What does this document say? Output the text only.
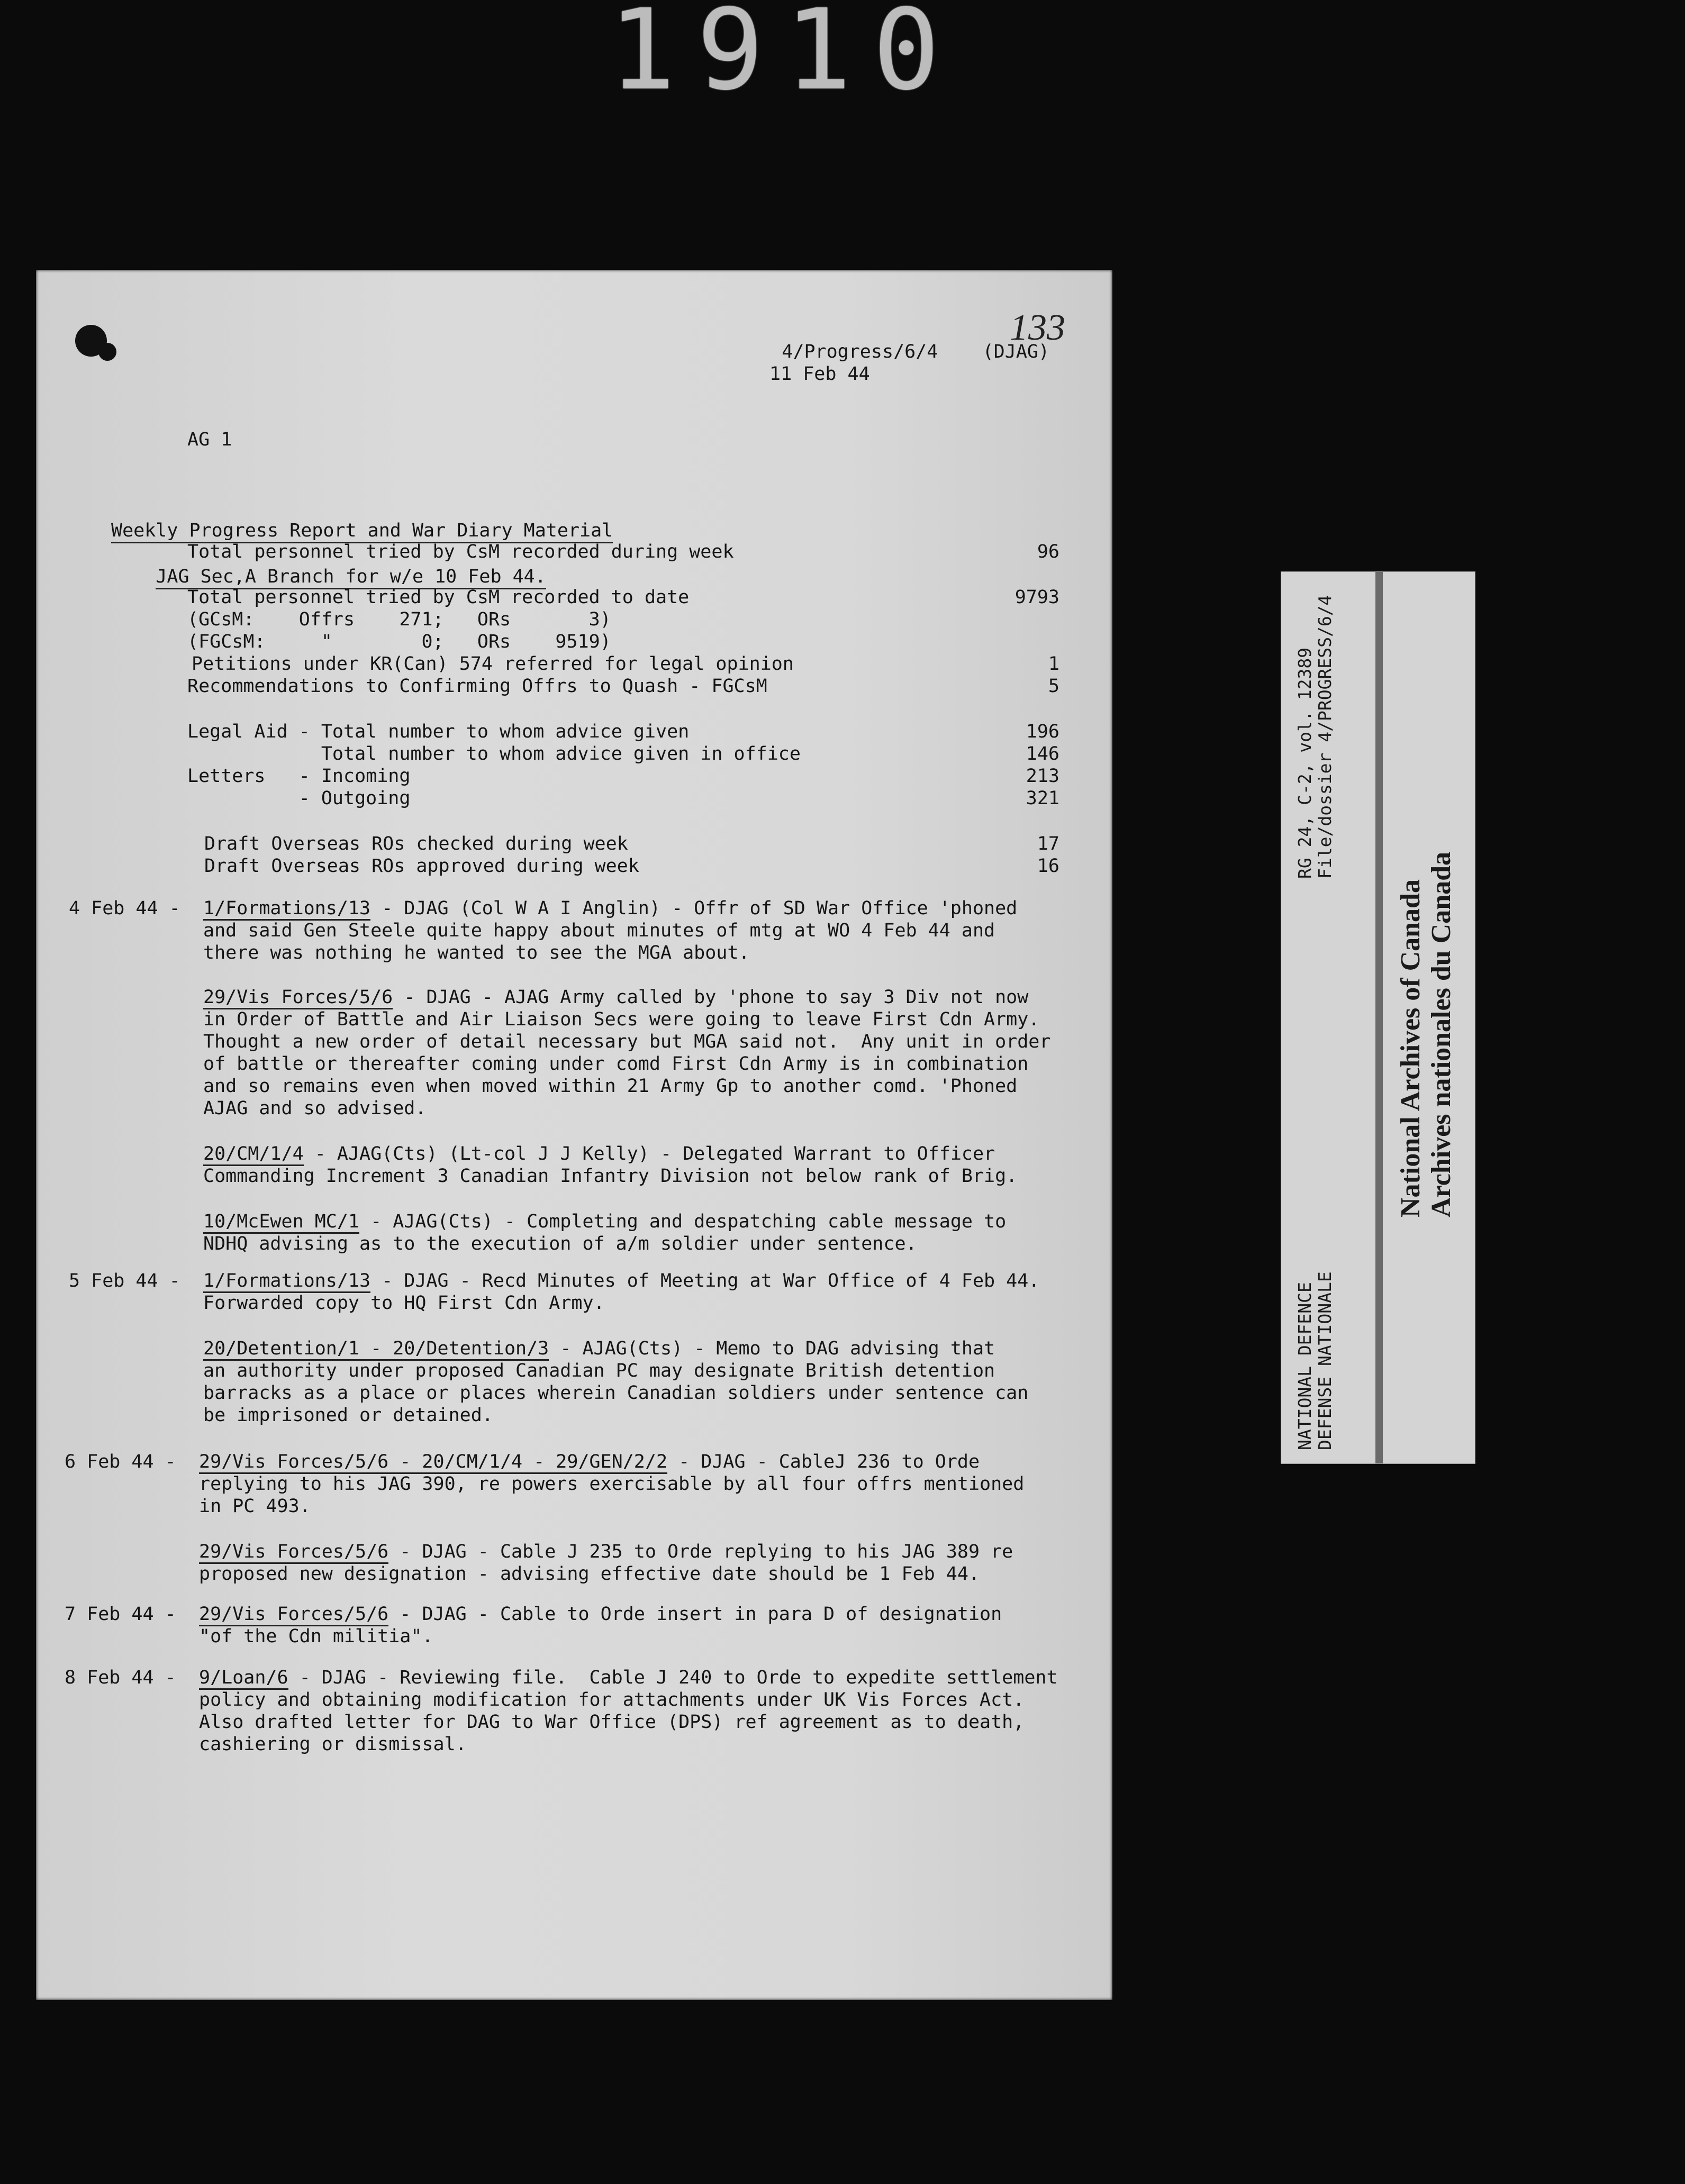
1910

4/Progress/6/4 (DJAG)

133
11 Feb 44
AG 1

Weekly Progress Report and War Diary Material

JAG Sec,A Branch for w/e 10 Feb 44.

Total personnel tried by CsM recorded during week	96
Total personnel tried by CsM recorded to date	9793
(GCsM:    Offrs    271;   ORs       3)
(FGCsM:     "        0;   ORs    9519)
Petitions under KR(Can) 574 referred for legal opinion	1
Recommendations to Confirming Offrs to Quash - FGCsM	5
Legal Aid - Total number to whom advice given	196
Total number to whom advice given in office	146
Letters   - Incoming	213
- Outgoing	321
Draft Overseas ROs checked during week	17
Draft Overseas ROs approved during week	16
4 Feb 44 - 1/Formations/13 - DJAG (Col W A I Anglin) - Offr of SD War Office 'phoned
and said Gen Steele quite happy about minutes of mtg at WO 4 Feb 44 and
there was nothing he wanted to see the MGA about.
29/Vis Forces/5/6 - DJAG - AJAG Army called by 'phone to say 3 Div not now
in Order of Battle and Air Liaison Secs were going to leave First Cdn Army.
Thought a new order of detail necessary but MGA said not.  Any unit in order
of battle or thereafter coming under comd First Cdn Army is in combination
and so remains even when moved within 21 Army Gp to another comd. 'Phoned
AJAG and so advised.
20/CM/1/4 - AJAG(Cts) (Lt-col J J Kelly) - Delegated Warrant to Officer
Commanding Increment 3 Canadian Infantry Division not below rank of Brig.
10/McEwen MC/1 - AJAG(Cts) - Completing and despatching cable message to
NDHQ advising as to the execution of a/m soldier under sentence.
5 Feb 44 - 1/Formations/13 - DJAG - Recd Minutes of Meeting at War Office of 4 Feb 44.
Forwarded copy to HQ First Cdn Army.
20/Detention/1 - 20/Detention/3 - AJAG(Cts) - Memo to DAG advising that
an authority under proposed Canadian PC may designate British detention
barracks as a place or places wherein Canadian soldiers under sentence can
be imprisoned or detained.
6 Feb 44 - 29/Vis Forces/5/6 - 20/CM/1/4 - 29/GEN/2/2 - DJAG - CableJ 236 to Orde
replying to his JAG 390, re powers exercisable by all four offrs mentioned
in PC 493.
29/Vis Forces/5/6 - DJAG - Cable J 235 to Orde replying to his JAG 389 re
proposed new designation - advising effective date should be 1 Feb 44.
7 Feb 44 - 29/Vis Forces/5/6 - DJAG - Cable to Orde insert in para D of designation
"of the Cdn militia".
8 Feb 44 - 9/Loan/6 - DJAG - Reviewing file.  Cable J 240 to Orde to expedite settlement
policy and obtaining modification for attachments under UK Vis Forces Act.
Also drafted letter for DAG to War Office (DPS) ref agreement as to death,
cashiering or dismissal.
RG 24, C-2, vol. 12389 File/dossier 4/PROGRESS/6/4
NATIONAL DEFENCE DEFENSE NATIONALE
National Archives of Canada Archives nationales du Canada
